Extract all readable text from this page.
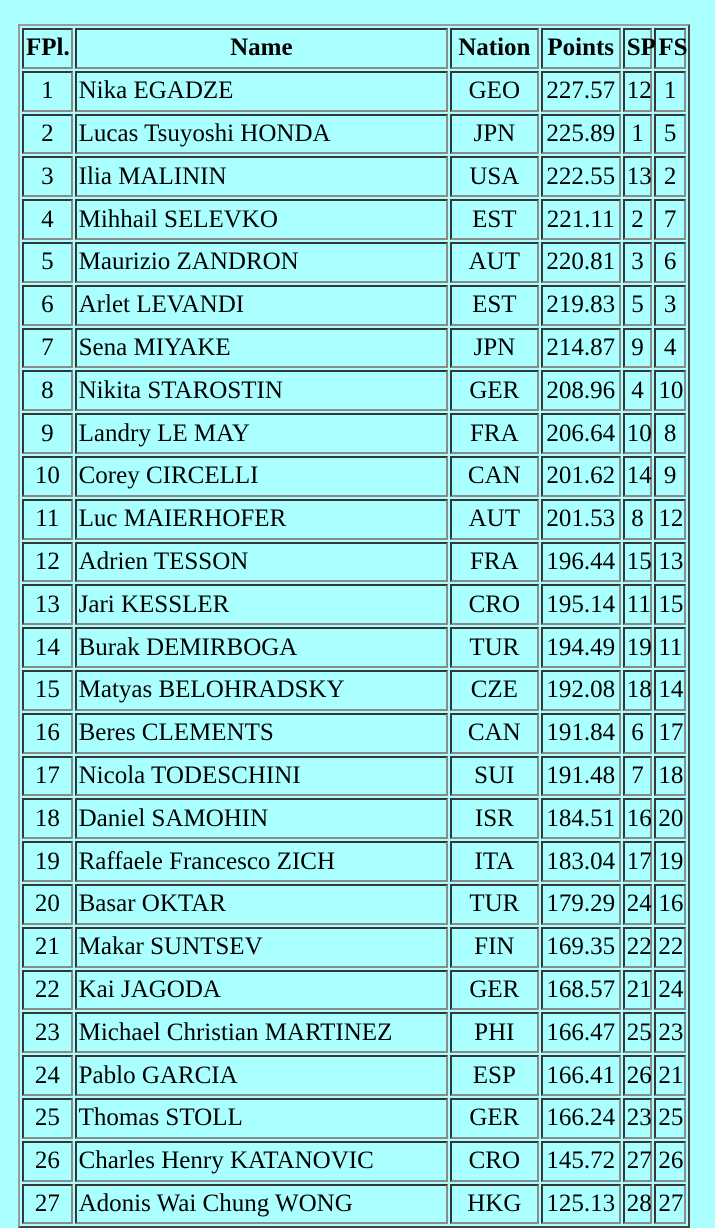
FPl.	Name	Nation	Points	SP	FS
1	Nika EGADZE	GEO	227.57	12	1
2	Lucas Tsuyoshi HONDA	JPN	225.89	1	5
3	Ilia MALININ	USA	222.55	13	2
4	Mihhail SELEVKO	EST	221.11	2	7
5	Maurizio ZANDRON	AUT	220.81	3	6
6	Arlet LEVANDI	EST	219.83	5	3
7	Sena MIYAKE	JPN	214.87	9	4
8	Nikita STAROSTIN	GER	208.96	4	10
9	Landry LE MAY	FRA	206.64	10	8
10	Corey CIRCELLI	CAN	201.62	14	9
11	Luc MAIERHOFER	AUT	201.53	8	12
12	Adrien TESSON	FRA	196.44	15	13
13	Jari KESSLER	CRO	195.14	11	15
14	Burak DEMIRBOGA	TUR	194.49	19	11
15	Matyas BELOHRADSKY	CZE	192.08	18	14
16	Beres CLEMENTS	CAN	191.84	6	17
17	Nicola TODESCHINI	SUI	191.48	7	18
18	Daniel SAMOHIN	ISR	184.51	16	20
19	Raffaele Francesco ZICH	ITA	183.04	17	19
20	Basar OKTAR	TUR	179.29	24	16
21	Makar SUNTSEV	FIN	169.35	22	22
22	Kai JAGODA	GER	168.57	21	24
23	Michael Christian MARTINEZ	PHI	166.47	25	23
24	Pablo GARCIA	ESP	166.41	26	21
25	Thomas STOLL	GER	166.24	23	25
26	Charles Henry KATANOVIC	CRO	145.72	27	26
27	Adonis Wai Chung WONG	HKG	125.13	28	27
